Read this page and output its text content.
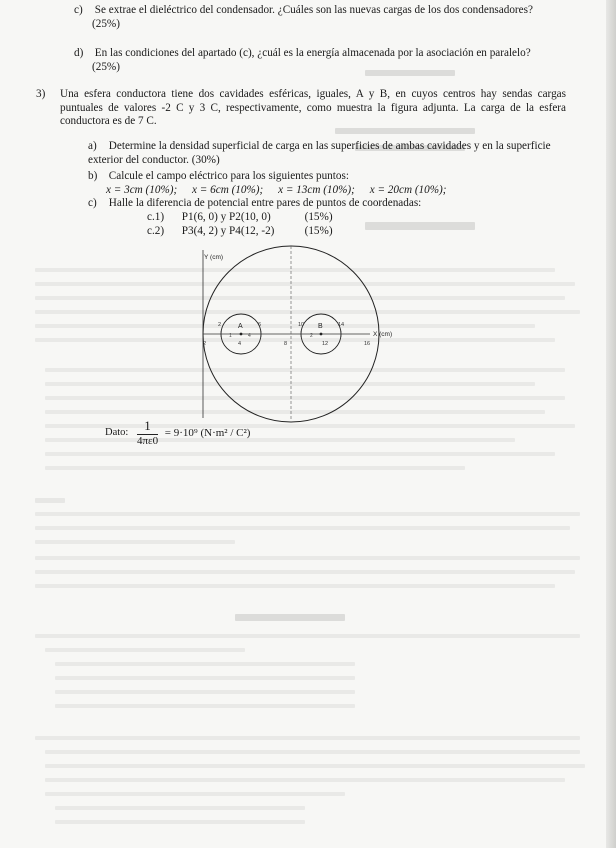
c) Se extrae el dieléctrico del condensador. ¿Cuáles son las nuevas cargas de los dos condensadores?
(25%)
d) En las condiciones del apartado (c), ¿cuál es la energía almacenada por la asociación en paralelo?
(25%)
3) Una esfera conductora tiene dos cavidades esféricas, iguales, A y B, en cuyos centros hay sendas cargas puntuales de valores -2 C y 3 C, respectivamente, como muestra la figura adjunta. La carga de la esfera conductora es de 7 C.
a) Determine la densidad superficial de carga en las superficies de ambas cavidades y en la superficie exterior del conductor. (30%)
b) Calcule el campo eléctrico para los siguientes puntos:
x = 3cm (10%); x = 6cm (10%); x = 13cm (10%); x = 20cm (10%);
c) Halle la diferencia de potencial entre pares de puntos de coordenadas:
c.1) P1(6, 0) y P2(10, 0)	(15%)
c.2) P3(4, 2) y P4(12, -2)	(15%)
Y (cm)
X (cm)
A	B
2	6	10	14
2	4	8	12	16
1	4	2
Dato: $\frac{1}{4\pi\varepsilon 0} = 9\cdot 10^9$ (N·m² / C²)
